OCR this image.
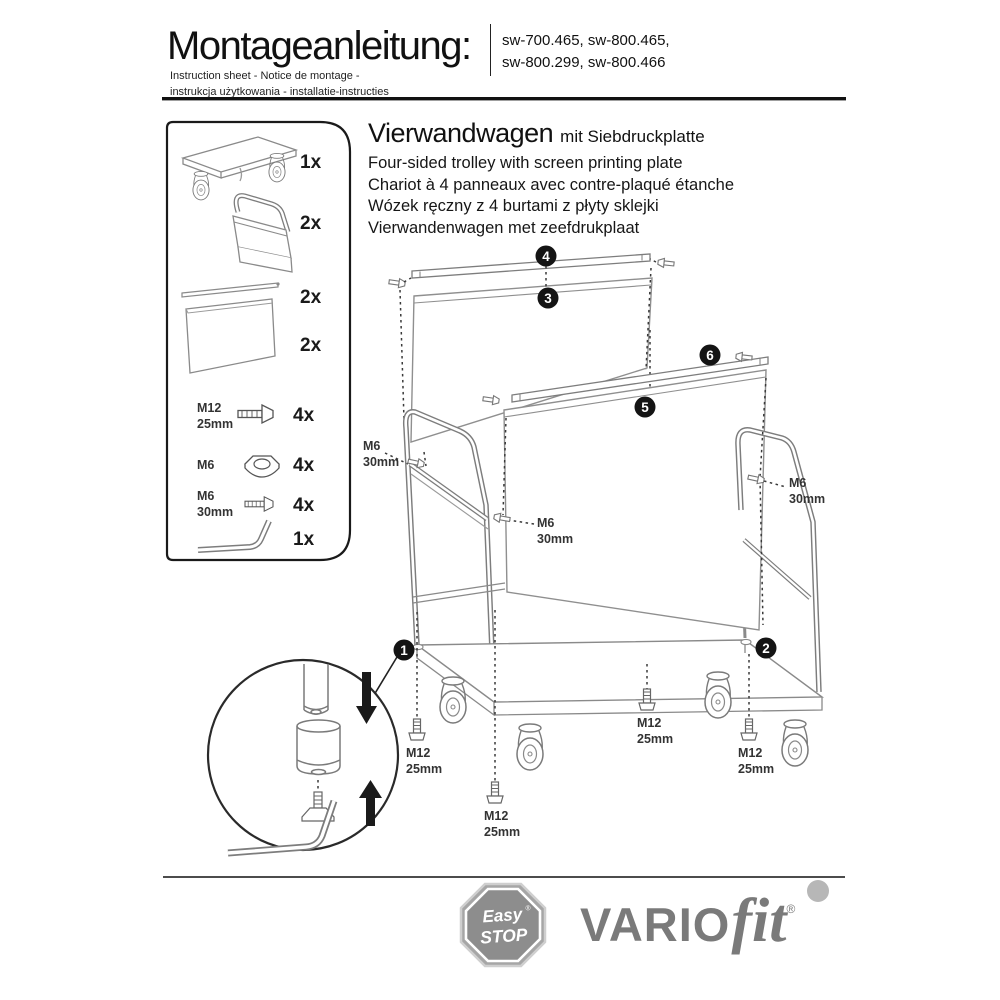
Montageanleitung: sw-700.465, sw-800.465,
sw-800.299, sw-800.466
Instruction sheet - Notice de montage -
instrukcja użytkowania - installatie-instructies
Vierwandwagen mit Siebdruckplatte
Four-sided trolley with screen printing plate
Chariot à 4 panneaux avec contre-plaqué étanche
Wózek ręczny z 4 burtami z płyty sklejki
Vierwandenwagen met zeefdrukplaat
VARIOfit®
1x
2x
2x
2x
M12
25mm	4x
M6	4x
M6
30mm	4x
1x
M12
25mm
M12
25mm
M12
25mm
M12
25mm
M6
30mm
M6
30mm
M6
30mm
4
3
6
5
1	2
Easy ®
STOP
